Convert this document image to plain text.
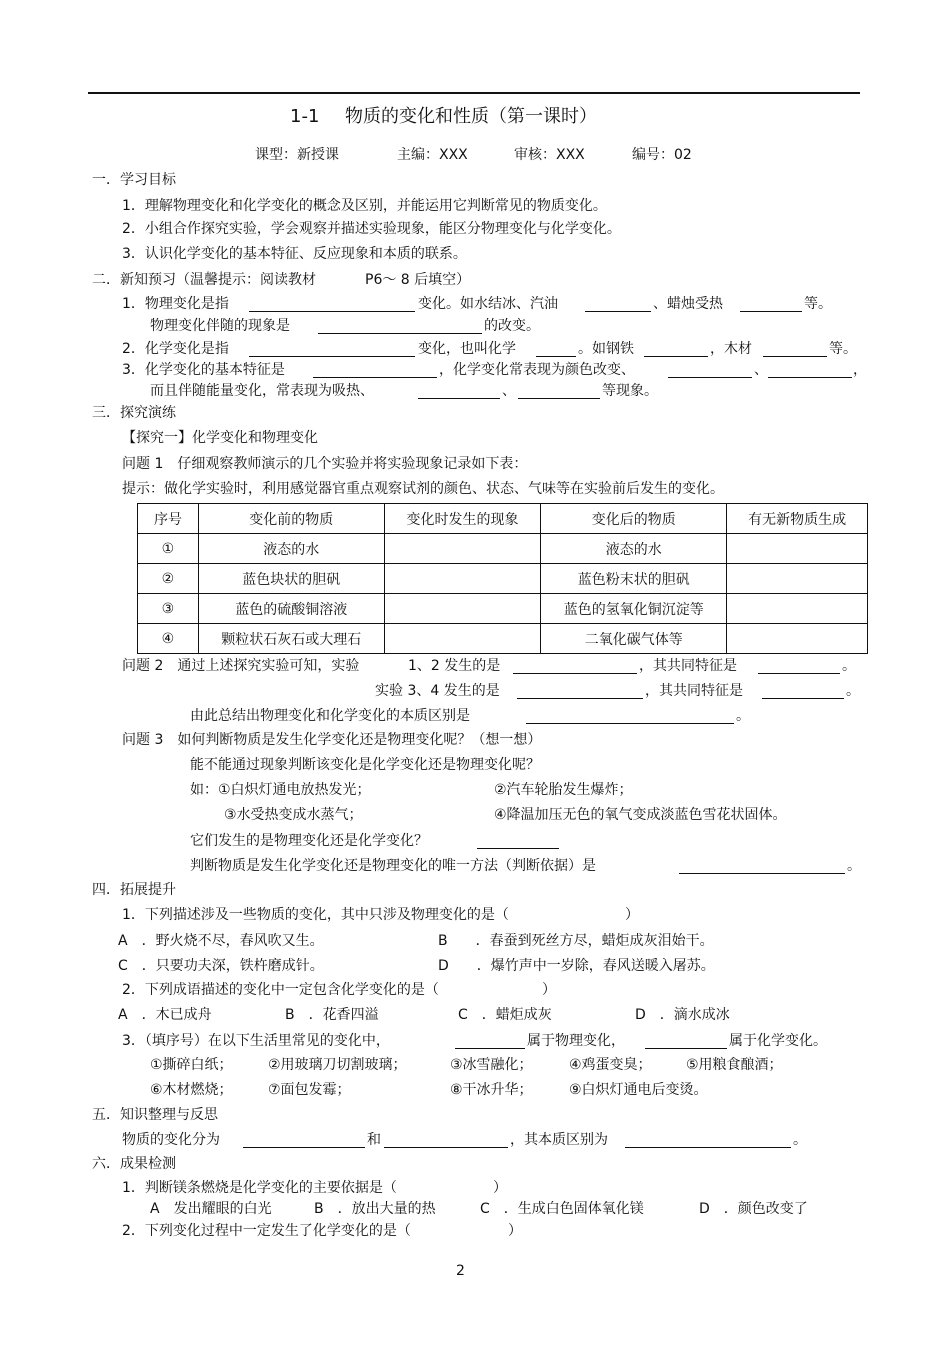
1-1 物质的变化和性质（第一课时）
课型：新授课	主编：XXX	审核：XXX	编号：02
一．学习目标
1．理解物理变化和化学变化的概念及区别，并能运用它判断常见的物质变化。
2．小组合作探究实验，学会观察并描述实验现象，能区分物理变化与化学变化。
3．认识化学变化的基本特征、反应现象和本质的联系。
二．新知预习（温馨提示：阅读教材	P6～ 8 后填空）
1．物理变化是指	变化。如水结冰、汽油	、蜡烛受热	等。
物理变化伴随的现象是	的改变。
2．化学变化是指	变化，也叫化学	。如钢铁	，木材	等。
3．化学变化的基本特征是	，化学变化常表现为颜色改变、	、	，
而且伴随能量变化，常表现为吸热、	、	等现象。
三．探究演练
【探究一】化学变化和物理变化
问题 1　仔细观察教师演示的几个实验并将实验现象记录如下表：
提示：做化学实验时，利用感觉器官重点观察试剂的颜色、状态、气味等在实验前后发生的变化。
序号	变化前的物质	变化时发生的现象	变化后的物质	有无新物质生成
①	液态的水		液态的水	
②	蓝色块状的胆矾		蓝色粉末状的胆矾	
③	蓝色的硫酸铜溶液		蓝色的氢氧化铜沉淀等	
④	颗粒状石灰石或大理石		二氧化碳气体等	
问题 2　通过上述探究实验可知，实验	1、2 发生的是	，其共同特征是	。
实验 3、4 发生的是	，其共同特征是	。
由此总结出物理变化和化学变化的本质区别是	。
问题 3　如何判断物质是发生化学变化还是物理变化呢？（想一想）
能不能通过现象判断该变化是化学变化还是物理变化呢？
如：①白炽灯通电放热发光；	②汽车轮胎发生爆炸；
③水受热变成水蒸气；	④降温加压无色的氧气变成淡蓝色雪花状固体。
它们发生的是物理变化还是化学变化？
判断物质是发生化学变化还是物理变化的唯一方法（判断依据）是	。
四．拓展提升
1．下列描述涉及一些物质的变化，其中只涉及物理变化的是（	）
A　．野火烧不尽，春风吹又生。	B　　．春蚕到死丝方尽，蜡炬成灰泪始干。
C　．只要功夫深，铁杵磨成针。	D　　．爆竹声中一岁除，春风送暖入屠苏。
2．下列成语描述的变化中一定包含化学变化的是（	）
A　．木已成舟	B　．花香四溢	C　．蜡炬成灰	D　．滴水成冰
3．（填序号）在以下生活里常见的变化中，	属于物理变化，	属于化学变化。
①撕碎白纸；	②用玻璃刀切割玻璃；	③冰雪融化；	④鸡蛋变臭； ⑤用粮食酿酒；
⑥木材燃烧；	⑦面包发霉；	⑧干冰升华；	⑨白炽灯通电后变烫。
五．知识整理与反思
物质的变化分为	和	，其本质区别为	。
六．成果检测
1．判断镁条燃烧是化学变化的主要依据是（	）
A　发出耀眼的白光	B　．放出大量的热	C　．生成白色固体氧化镁	D　．颜色改变了
2．下列变化过程中一定发生了化学变化的是（	）
2
